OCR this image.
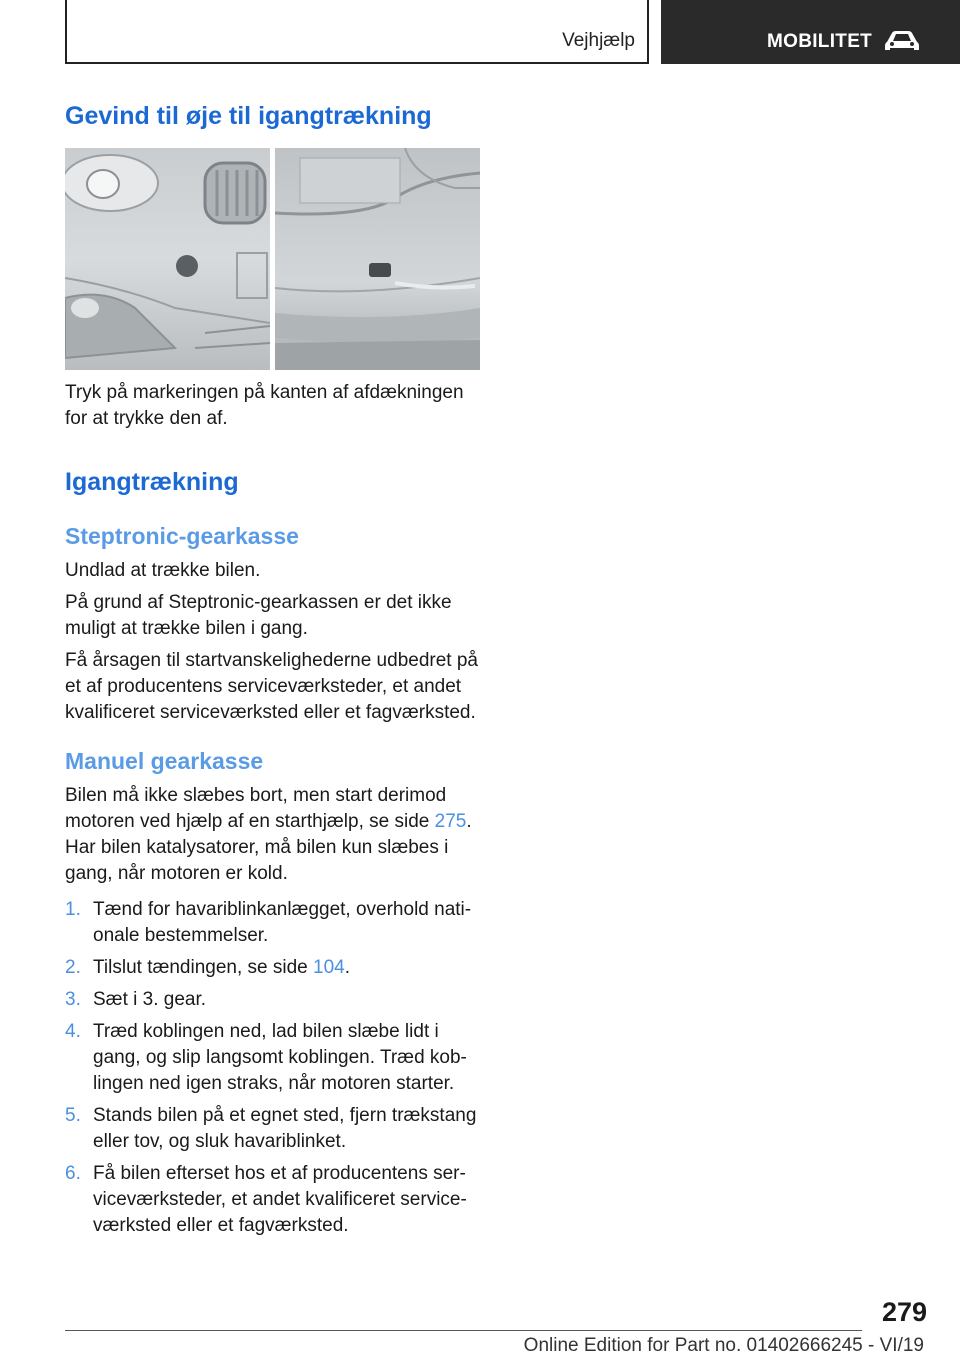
Vejhjælp	MOBILITET
Gevind til øje til igangtrækning

Tryk på markeringen på kanten af afdækningen

for at trykke den af.

Igangtrækning
Steptronic-gearkasse

Undlad at trække bilen.

På grund af Steptronic-gearkassen er det ikke

muligt at trække bilen i gang.

Få årsagen til startvanskelighederne udbedret på

et af producentens serviceværksteder, et andet

kvalificeret serviceværksted eller et fagværksted.

Manuel gearkasse

Bilen må ikke slæbes bort, men start derimod

motoren ved hjælp af en starthjælp, se side 275.

Har bilen katalysatorer, må bilen kun slæbes i

gang, når motoren er kold.

1. Tænd for havariblinkanlægget, overhold nati‐
onale bestemmelser.
2. Tilslut tændingen, se side 104.
3. Sæt i 3. gear.
4. Træd koblingen ned, lad bilen slæbe lidt i
gang, og slip langsomt koblingen. Træd kob‐
lingen ned igen straks, når motoren starter.
5. Stands bilen på et egnet sted, fjern trækstang
eller tov, og sluk havariblinket.
6. Få bilen efterset hos et af producentens ser‐
viceværksteder, et andet kvalificeret service‐
værksted eller et fagværksted.
279
Online Edition for Part no. 01402666245 - VI/19
